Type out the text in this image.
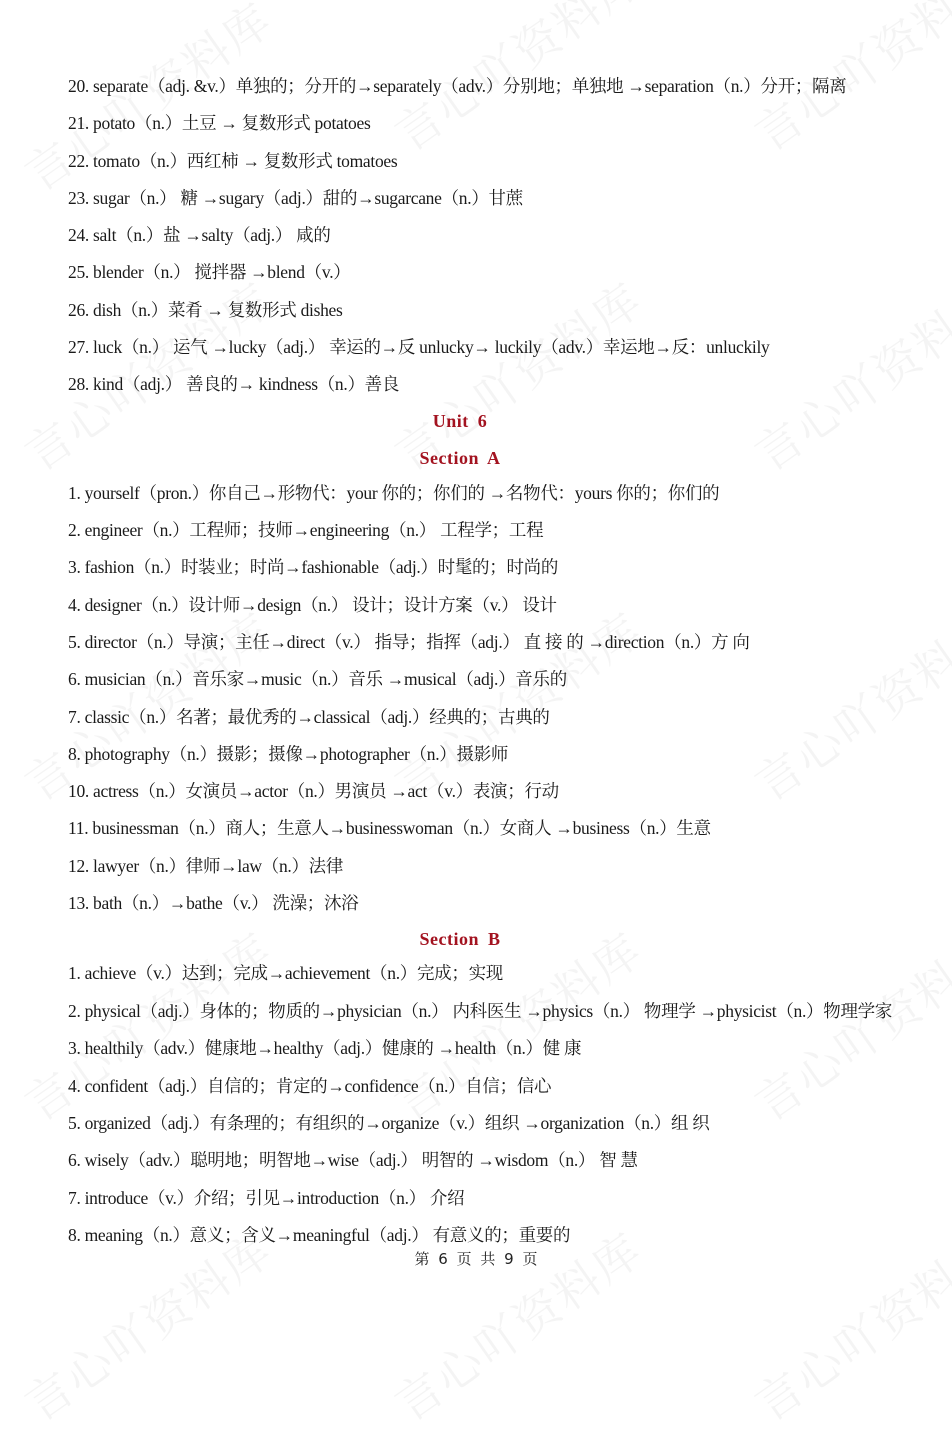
20. separate（adj. &v.）单独的；分开的→separately（adv.）分别地；单独地 →separation（n.）分开；隔离
21. potato（n.）土豆 → 复数形式 potatoes
22. tomato（n.）西红柿 → 复数形式 tomatoes
23. sugar（n.） 糖 →sugary（adj.）甜的→sugarcane（n.）甘蔗
24. salt（n.）盐 →salty（adj.） 咸的
25. blender（n.） 搅拌器 →blend（v.）
26. dish（n.）菜肴 → 复数形式 dishes
27. luck（n.） 运气 →lucky（adj.） 幸运的→反 unlucky→ luckily（adv.）幸运地→反：unluckily
28. kind（adj.） 善良的→ kindness（n.）善良
Unit 6
Section A
1. yourself（pron.）你自己→形物代：your 你的；你们的 →名物代：yours 你的；你们的
2. engineer（n.）工程师；技师→engineering（n.） 工程学；工程
3. fashion（n.）时装业；时尚→fashionable（adj.）时髦的；时尚的
4. designer（n.）设计师→design（n.） 设计；设计方案（v.） 设计
5. director（n.）导演；主任→direct（v.） 指导；指挥（adj.） 直 接 的 →direction（n.）方 向
6. musician（n.）音乐家→music（n.）音乐 →musical（adj.）音乐的
7. classic（n.）名著；最优秀的→classical（adj.）经典的；古典的
8. photography（n.）摄影；摄像→photographer（n.）摄影师
10. actress（n.）女演员→actor（n.）男演员 →act（v.）表演；行动
11. businessman（n.）商人；生意人→businesswoman（n.）女商人 →business（n.）生意
12. lawyer（n.）律师→law（n.）法律
13. bath（n.）→bathe（v.） 洗澡；沐浴
Section B
1. achieve（v.）达到；完成→achievement（n.）完成；实现
2. physical（adj.）身体的；物质的→physician（n.） 内科医生 →physics（n.） 物理学 →physicist（n.）物理学家
3. healthily（adv.）健康地→healthy（adj.）健康的 →health（n.）健 康
4. confident（adj.）自信的；肯定的→confidence（n.）自信；信心
5. organized（adj.）有条理的；有组织的→organize（v.）组织 →organization（n.）组 织
6. wisely（adv.）聪明地；明智地→wise（adj.） 明智的 →wisdom（n.） 智 慧
7. introduce（v.）介绍；引见→introduction（n.） 介绍
8. meaning（n.）意义；含义→meaningful（adj.） 有意义的；重要的
第 6 页 共 9 页
